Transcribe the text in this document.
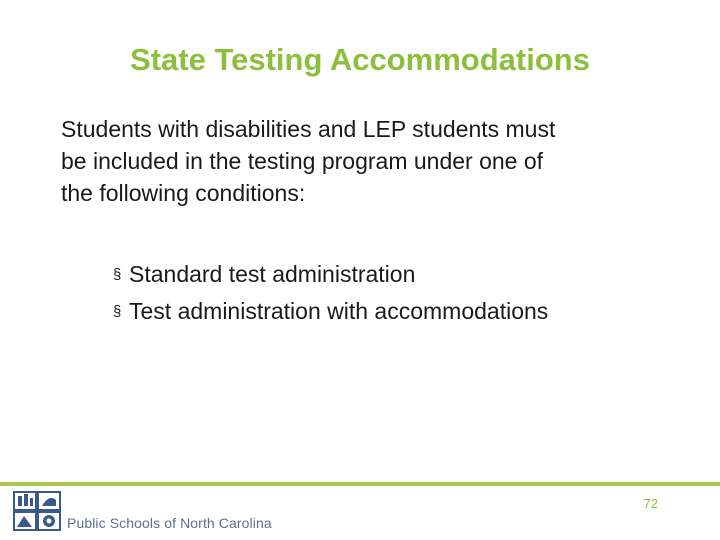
State Testing Accommodations
Students with disabilities and LEP students must
be included in the testing program under one of
the following conditions:
§ Standard test administration
§ Test administration with accommodations
72
Public Schools of North Carolina
